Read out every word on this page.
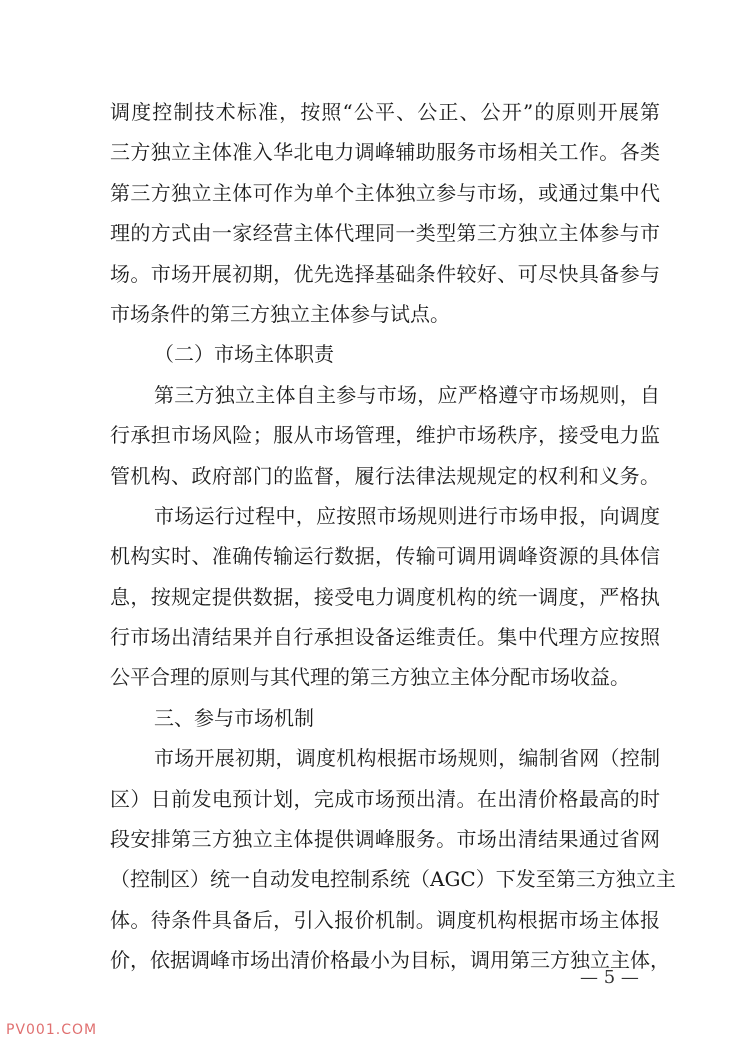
调度控制技术标准，按照“公平、公正、公开”的原则开展第
三方独立主体准入华北电力调峰辅助服务市场相关工作。各类
第三方独立主体可作为单个主体独立参与市场，或通过集中代
理的方式由一家经营主体代理同一类型第三方独立主体参与市
场。市场开展初期，优先选择基础条件较好、可尽快具备参与
市场条件的第三方独立主体参与试点。
（二）市场主体职责
第三方独立主体自主参与市场，应严格遵守市场规则，自
行承担市场风险；服从市场管理，维护市场秩序，接受电力监
管机构、政府部门的监督，履行法律法规规定的权利和义务。
市场运行过程中，应按照市场规则进行市场申报，向调度
机构实时、准确传输运行数据，传输可调用调峰资源的具体信
息，按规定提供数据，接受电力调度机构的统一调度，严格执
行市场出清结果并自行承担设备运维责任。集中代理方应按照
公平合理的原则与其代理的第三方独立主体分配市场收益。
三、参与市场机制
市场开展初期，调度机构根据市场规则，编制省网（控制
区）日前发电预计划，完成市场预出清。在出清价格最高的时
段安排第三方独立主体提供调峰服务。市场出清结果通过省网
（控制区）统一自动发电控制系统（AGC）下发至第三方独立主
体。待条件具备后，引入报价机制。调度机构根据市场主体报
价，依据调峰市场出清价格最小为目标，调用第三方独立主体，
— 5 —
PV001.COM
